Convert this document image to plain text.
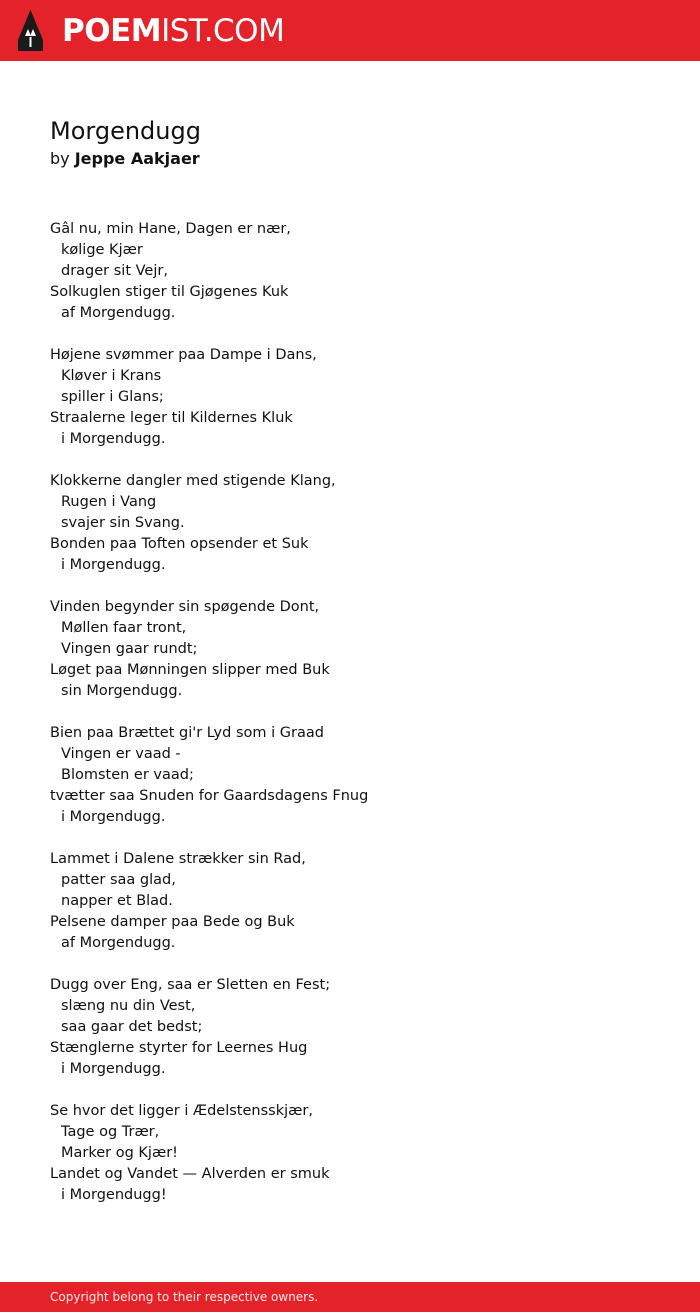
POEMIST.COM
Morgendugg
by Jeppe Aakjaer
Gâl nu, min Hane, Dagen er nær,
kølige Kjær
drager sit Vejr,
Solkuglen stiger til Gjøgenes Kuk
af Morgendugg.
Højene svømmer paa Dampe i Dans,
Kløver i Krans
spiller i Glans;
Straalerne leger til Kildernes Kluk
i Morgendugg.
Klokkerne dangler med stigende Klang,
Rugen i Vang
svajer sin Svang.
Bonden paa Toften opsender et Suk
i Morgendugg.
Vinden begynder sin spøgende Dont,
Møllen faar tront,
Vingen gaar rundt;
Løget paa Mønningen slipper med Buk
sin Morgendugg.
Bien paa Brættet gi'r Lyd som i Graad
Vingen er vaad -
Blomsten er vaad;
tvætter saa Snuden for Gaardsdagens Fnug
i Morgendugg.
Lammet i Dalene strækker sin Rad,
patter saa glad,
napper et Blad.
Pelsene damper paa Bede og Buk
af Morgendugg.
Dugg over Eng, saa er Sletten en Fest;
slæng nu din Vest,
saa gaar det bedst;
Stænglerne styrter for Leernes Hug
i Morgendugg.
Se hvor det ligger i Ædelstensskjær,
Tage og Trær,
Marker og Kjær!
Landet og Vandet — Alverden er smuk
i Morgendugg!
Copyright belong to their respective owners.
